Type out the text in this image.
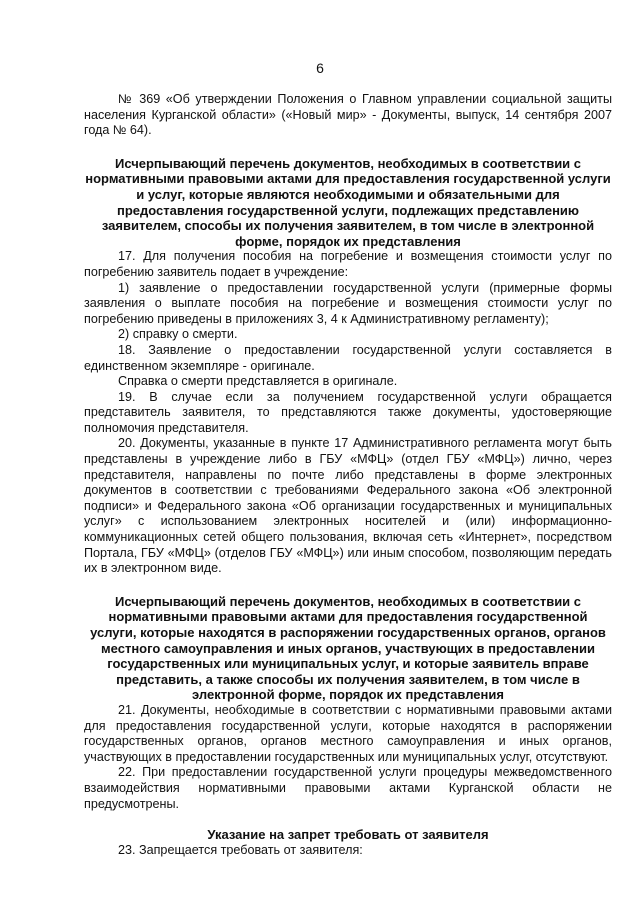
6

№ 369 «Об утверждении Положения о Главном управлении социальной защиты населения Курганской области» («Новый мир» - Документы, выпуск, 14 сентября 2007 года № 64).

Исчерпывающий перечень документов, необходимых в соответствии с нормативными правовыми актами для предоставления государственной услуги и услуг, которые являются необходимыми и обязательными для предоставления государственной услуги, подлежащих представлению заявителем, способы их получения заявителем, в том числе в электронной форме, порядок их представления

17. Для получения пособия на погребение и возмещения стоимости услуг по погребению заявитель подает в учреждение:

1) заявление о предоставлении государственной услуги (примерные формы заявления о выплате пособия на погребение и возмещения стоимости услуг по погребению приведены в приложениях 3, 4 к Административному регламенту);

2) справку о смерти.

18. Заявление о предоставлении государственной услуги составляется в единственном экземпляре - оригинале.

Справка о смерти представляется в оригинале.

19. В случае если за получением государственной услуги обращается представитель заявителя, то представляются также документы, удостоверяющие полномочия представителя.

20. Документы, указанные в пункте 17 Административного регламента могут быть представлены в учреждение либо в ГБУ «МФЦ» (отдел ГБУ «МФЦ») лично, через представителя, направлены по почте либо представлены в форме электронных документов в соответствии с требованиями Федерального закона «Об электронной подписи» и Федерального закона «Об организации государственных и муниципальных услуг» с использованием электронных носителей и (или) информационно-коммуникационных сетей общего пользования, включая сеть «Интернет», посредством Портала, ГБУ «МФЦ» (отделов ГБУ «МФЦ») или иным способом, позволяющим передать их в электронном виде.

Исчерпывающий перечень документов, необходимых в соответствии с нормативными правовыми актами для предоставления государственной услуги, которые находятся в распоряжении государственных органов, органов местного самоуправления и иных органов, участвующих в предоставлении государственных или муниципальных услуг, и которые заявитель вправе представить, а также способы их получения заявителем, в том числе в электронной форме, порядок их представления

21. Документы, необходимые в соответствии с нормативными правовыми актами для предоставления государственной услуги, которые находятся в распоряжении государственных органов, органов местного самоуправления и иных органов, участвующих в предоставлении государственных или муниципальных услуг, отсутствуют.

22. При предоставлении государственной услуги процедуры межведомственного взаимодействия нормативными правовыми актами Курганской области не предусмотрены.

Указание на запрет требовать от заявителя

23. Запрещается требовать от заявителя:
